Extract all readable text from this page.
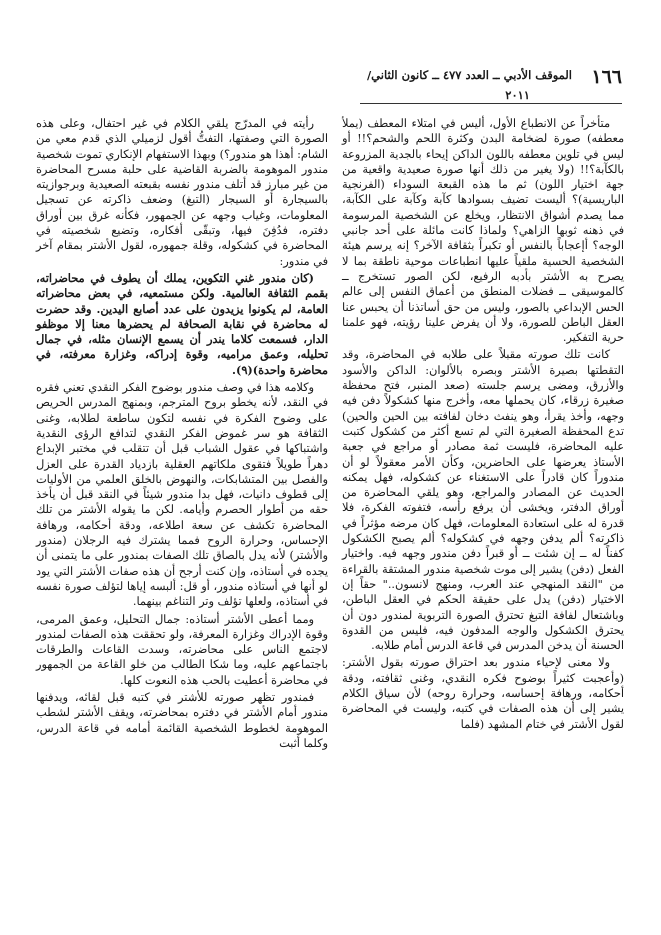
١٦٦
الموقف الأدبي ــ العدد ٤٧٧ ــ كانون الثاني/
٢٠١١

متأخراً عن الانطباع الأول، أليس في امتلاء المعطف (يملأ معطفه) صورة لضخامة البدن وكثرة اللحم والشحم؟!! أو ليس في تلوين معطفه باللون الداكن إيحاء بالجدية المزروعة بالكآبة؟!! (ولا يغير من ذلك أنها صورة صعيدية واقعية من جهة اختيار اللون) ثم ما هذه القبعة السوداء (الفرنجية الباريسية)؟ أليست تضيف بسوادها كآبة وكآبة على الكآبة، مما يصدم أشواق الانتظار، ويخلع عن الشخصية المرسومة في ذهنه ثوبها الزاهي؟ ولماذا كانت مائلة على أحد جانبي الوجه؟ أإعجاباً بالنفس أو تكبراً بثقافة الآخر؟ إنه يرسم هيئة الشخصية الحسية ملقياً عليها انطباعات موحية ناطقة بما لا يصرح به الأشتر بأدبه الرفيع، لكن الصور تستخرج ــ كالموسيقى ــ فضلات المنطق من أعماق النفس إلى عالم الحس الإبداعي بالصور، وليس من حق أساتذنا أن يحبس عنا العقل الباطن للصورة، ولا أن يفرض علينا رؤيته، فهو علمنا حرية التفكير.

كانت تلك صورته مقبلاً على طلابه في المحاضرة، وقد التقطتها بصيرة الأشتر وبصره بالألوان: الداكن والأسود والأزرق، ومضى يرسم جلسته (صعد المنبر، فتح محفظة صغيرة زرقاء، كان يحملها معه، وأخرج منها كشكولاً دفن فيه وجهه، وأخذ يقرأ، وهو ينفث دخان لفافته بين الحين والحين) تدع المحفظة الصغيرة التي لم تسع أكثر من كشكول كتبت عليه المحاضرة، فليست ثمة مصادر أو مراجع في جعبة الأستاذ يعرضها على الحاضرين، وكأن الأمر معقولاً لو أن مندوراً كان قادراً على الاستغناء عن كشكوله، فهل يمكنه الحديث عن المصادر والمراجع، وهو يلقي المحاضرة من أوراق الدفتر، ويخشى أن يرفع رأسه، فتفوته الفكرة، فلا قدرة له على استعادة المعلومات، فهل كان مرضه مؤثراً في ذاكرته؟ ألم يدفن وجهه في كشكوله؟ ألم يصبح الكشكول كفناً له ــ إن شئت ــ أو قبراً دفن مندور وجهه فيه. واختيار الفعل (دفن) يشير إلى موت شخصية مندور المشتقة بالقراءة من "النقد المنهجي عند العرب، ومنهج لانسون.." حقاً إن الاختيار (دفن) يدل على حقيقة الحكم في العقل الباطن، وباشتعال لفافة التبغ تحترق الصورة التربوية لمندور دون أن يحترق الكشكول والوجه المدفون فيه، فليس من القدوة الحسنة أن يدخن المدرس في قاعة الدرس أمام طلابه.

ولا معنى لإحياء مندور بعد احتراق صورته بقول الأشتر: (وأعجبت كثيراً بوضوح فكره النقدي، وغنى ثقافته، ودقة أحكامه، ورهافة إحساسه، وحرارة روحه) لأن سياق الكلام يشير إلى أن هذه الصفات في كتبه، وليست في المحاضرة لقول الأشتر في ختام المشهد (فلما

رأيته في المدرّج يلقي الكلام في غير احتفال، وعلى هذه الصورة التي وصفتها، التفتُّ أقول لزميلي الذي قدم معي من الشام: أهذا هو مندور؟) وبهذا الاستفهام الإنكاري تموت شخصية مندور الموهومة بالضربة القاضية على حلبة مسرح المحاضرة من غير مبارز قد أتلف مندور نفسه بقبعته الصعيدية وبرجوازيته بالسيجارة أو السيجار (التبغ) وضعف ذاكرته عن تسجيل المعلومات، وغياب وجهه عن الجمهور، فكأنه غرق بين أوراق دفتره، فدُفِنَ فيها، وتبقّى أفكاره، وتضيع شخصيته في المحاضرة في كشكوله، وقلة جمهوره، لقول الأشتر بمقام آخر في مندور:

(كان مندور غني التكوين، يملك أن يطوف في محاضراته، بقمم الثقافة العالمية. ولكن مستمعيه، في بعض محاضراته العامة، لم يكونوا يزيدون على عدد أصابع اليدين. وقد حضرت له محاضرة في نقابة الصحافة لم يحضرها معنا إلا موظفو الدار، فسمعت كلاما يندر أن يسمع الإنسان مثله، في جمال تحليله، وعمق مراميه، وقوة إدراكه، وغزارة معرفته، في محاضرة واحدة)(٩).

وكلامه هذا في وصف مندور بوضوح الفكر النقدي تعني فقره في النقد، لأنه يخطو بروح المترجم، وبمنهج المدرس الحريص على وضوح الفكرة في نفسه لتكون ساطعة لطلابه، وغنى الثقافة هو سر غموض الفكر النقدي لتدافع الرؤى النقدية واشتباكها في عقول الشباب قبل أن تتقلب في مختبر الإبداع دهراً طويلاً فتقوى ملكاتهم العقلية بازدياد القدرة على العزل والفصل بين المتشابكات، والنهوض بالخلق العلمي من الأوليات إلى قطوف دانيات، فهل بدا مندور شيئاً في النقد قبل أن يأخذ حقه من أطوار الحصرم وأيامه. لكن ما يقوله الأشتر من تلك المحاضرة تكشف عن سعة اطلاعه، ودقة أحكامه، ورهافة الإحساس، وحرارة الروح فمما يشترك فيه الرجلان (مندور والأشتر) لأنه يدل بالصاق تلك الصفات بمندور على ما يتمنى أن يجده في أستاذه، وإن كنت أرجح أن هذه صفات الأشتر التي يود لو أنها في أستاذه مندور، أو قل: ألبسه إياها لتؤلف صورة نفسه في أستاذه، ولعلها تؤلف وتر التناغم بينهما.

ومما أعطى الأشتر أستاذه: جمال التحليل، وعمق المرمى، وقوة الإدراك وغزارة المعرفة، ولو تحققت هذه الصفات لمندور لاجتمع الناس على محاضرته، وسدت القاعات والطرقات باجتماعهم عليه، وما شكا الطالب من خلو القاعة من الجمهور في محاضرة أعطيت بالحب هذه النعوت كلها.

فمندور تظهر صورته للأشتر في كتبه قبل لقائه، ويدفنها مندور أمام الأشتر في دفتره بمحاضرته، ويقف الأشتر لشطب الموهومة لخطوط الشخصية القائمة أمامه في قاعة الدرس، وكلما أثبت
